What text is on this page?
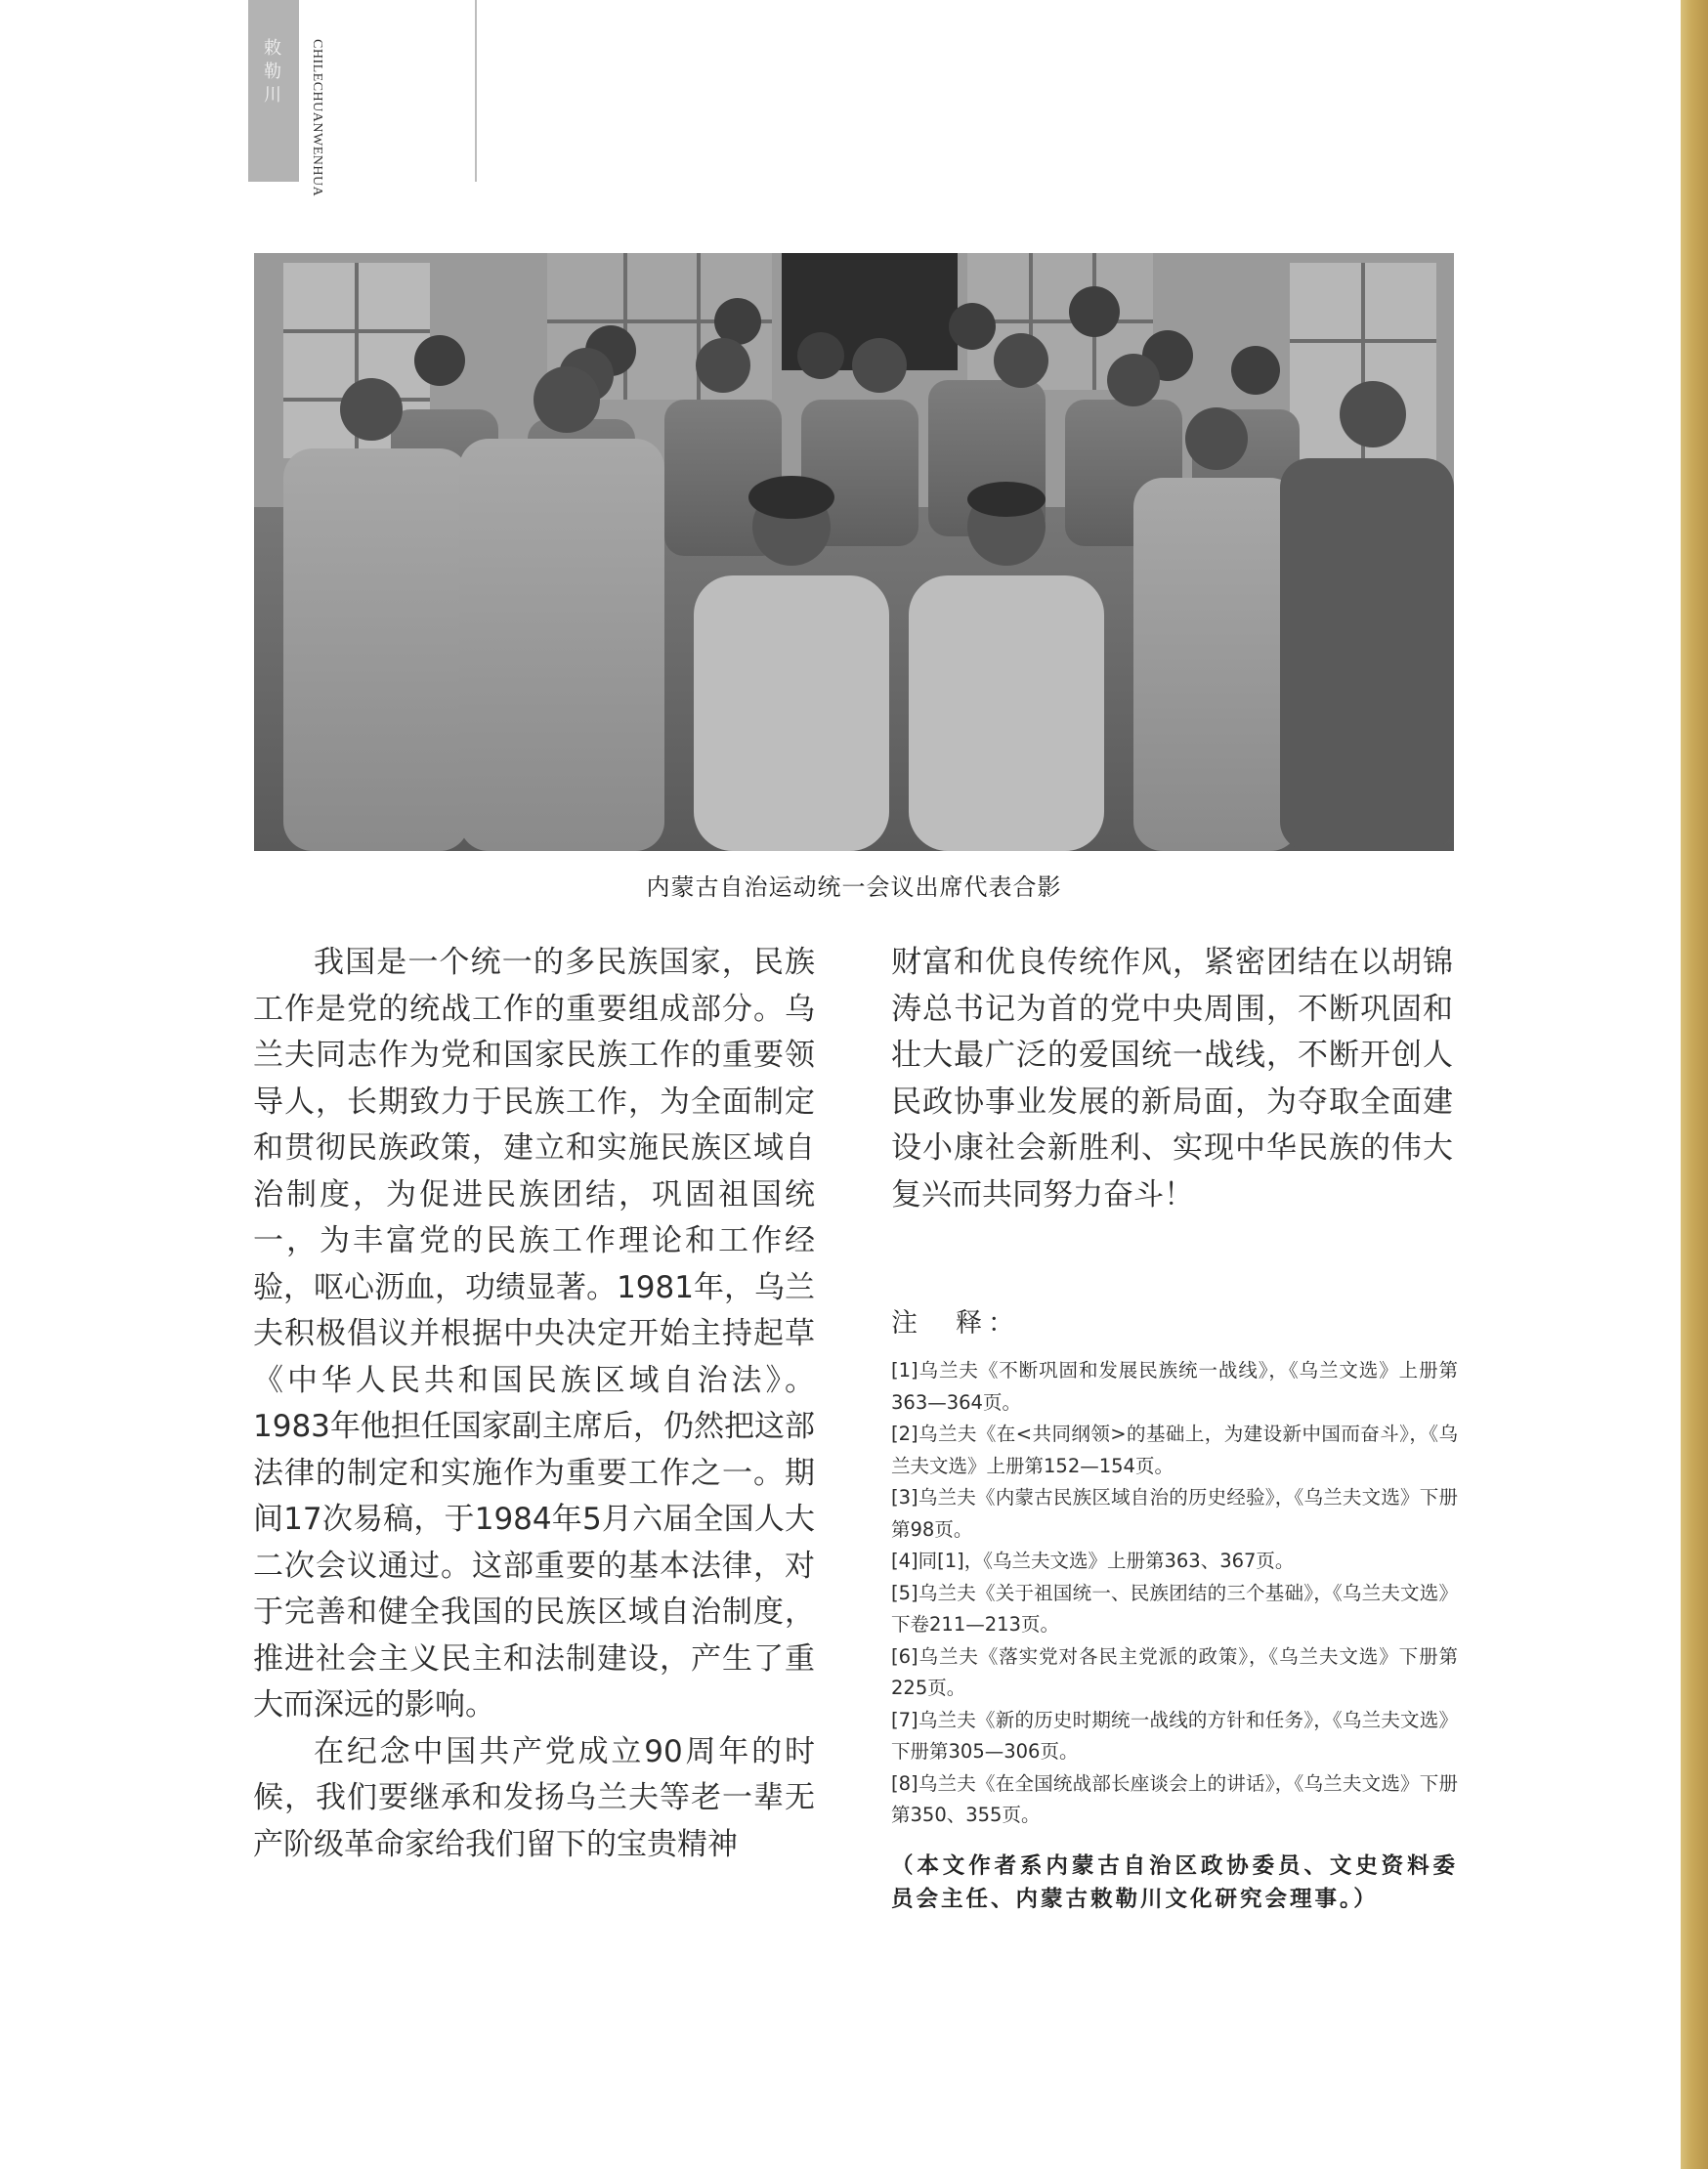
敕勒川	CHILECHUANWENHUA
内蒙古自治运动统一会议出席代表合影

我国是一个统一的多民族国家，民族工作是党的统战工作的重要组成部分。乌兰夫同志作为党和国家民族工作的重要领导人，长期致力于民族工作，为全面制定和贯彻民族政策，建立和实施民族区域自治制度，为促进民族团结，巩固祖国统一，为丰富党的民族工作理论和工作经验，呕心沥血，功绩显著。1981年，乌兰夫积极倡议并根据中央决定开始主持起草《中华人民共和国民族区域自治法》。1983年他担任国家副主席后，仍然把这部法律的制定和实施作为重要工作之一。期间17次易稿，于1984年5月六届全国人大二次会议通过。这部重要的基本法律，对于完善和健全我国的民族区域自治制度，推进社会主义民主和法制建设，产生了重大而深远的影响。

在纪念中国共产党成立90周年的时候，我们要继承和发扬乌兰夫等老一辈无产阶级革命家给我们留下的宝贵精神

财富和优良传统作风，紧密团结在以胡锦涛总书记为首的党中央周围，不断巩固和壮大最广泛的爱国统一战线，不断开创人民政协事业发展的新局面，为夺取全面建设小康社会新胜利、实现中华民族的伟大复兴而共同努力奋斗！

注　释：
[1]乌兰夫《不断巩固和发展民族统一战线》，《乌兰文选》上册第363—364页。
[2]乌兰夫《在<共同纲领>的基础上，为建设新中国而奋斗》，《乌兰夫文选》上册第152—154页。
[3]乌兰夫《内蒙古民族区域自治的历史经验》，《乌兰夫文选》下册第98页。
[4]同[1]，《乌兰夫文选》上册第363、367页。
[5]乌兰夫《关于祖国统一、民族团结的三个基础》，《乌兰夫文选》下卷211—213页。
[6]乌兰夫《落实党对各民主党派的政策》，《乌兰夫文选》下册第225页。
[7]乌兰夫《新的历史时期统一战线的方针和任务》，《乌兰夫文选》下册第305—306页。
[8]乌兰夫《在全国统战部长座谈会上的讲话》，《乌兰夫文选》下册第350、355页。
（本文作者系内蒙古自治区政协委员、文史资料委员会主任、内蒙古敕勒川文化研究会理事。）
